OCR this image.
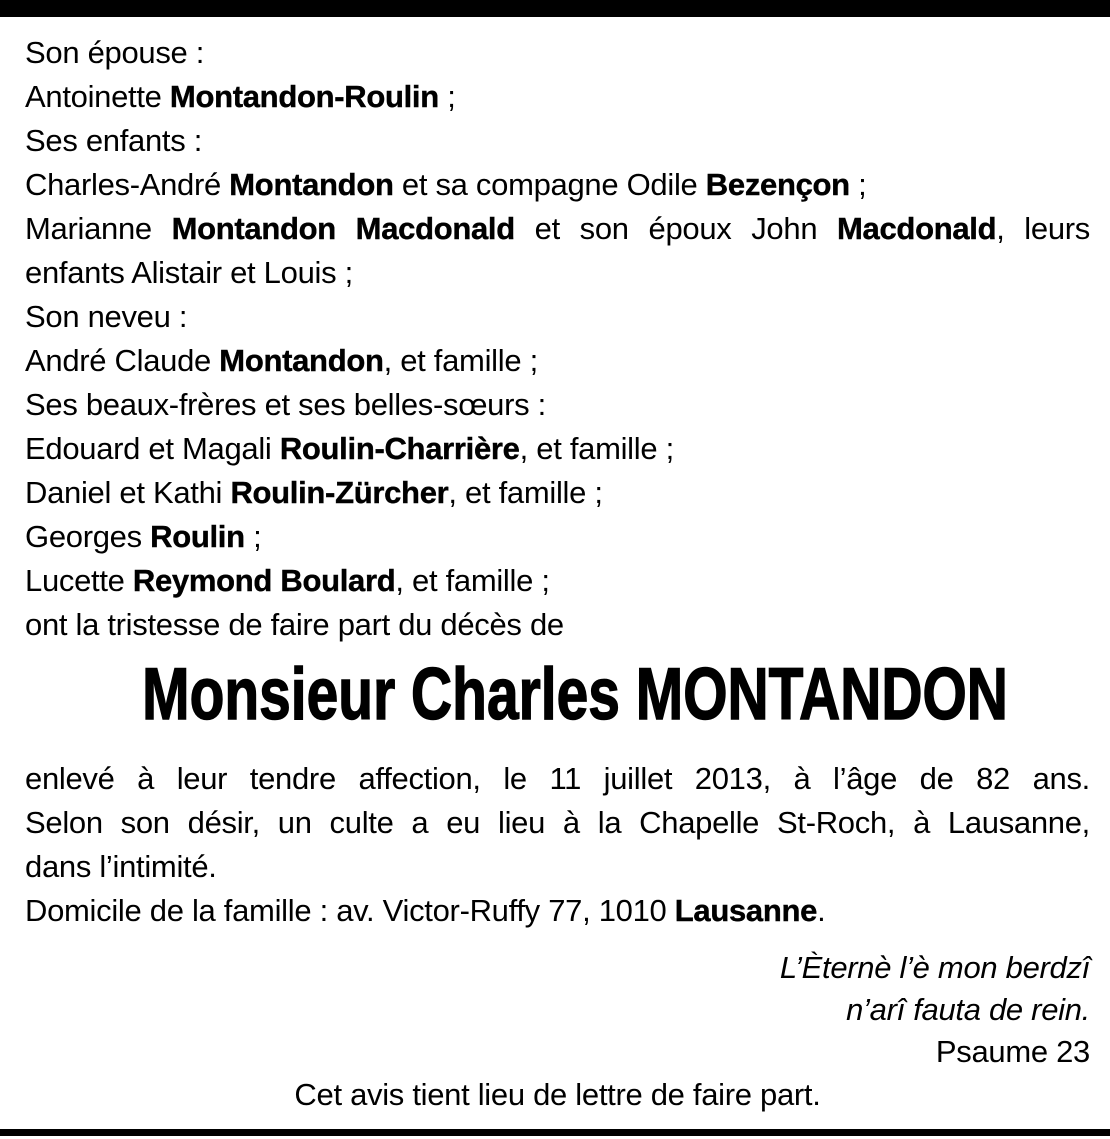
Son épouse :
Antoinette Montandon-Roulin ;
Ses enfants :
Charles-André Montandon et sa compagne Odile Bezençon ;
Marianne Montandon Macdonald et son époux John Macdonald, leurs
enfants Alistair et Louis ;
Son neveu :
André Claude Montandon, et famille ;
Ses beaux-frères et ses belles-sœurs :
Edouard et Magali Roulin-Charrière, et famille ;
Daniel et Kathi Roulin-Zürcher, et famille ;
Georges Roulin ;
Lucette Reymond Boulard, et famille ;
ont la tristesse de faire part du décès de
Monsieur Charles MONTANDON
enlevé à leur tendre affection, le 11 juillet 2013, à l’âge de 82 ans.
Selon son désir, un culte a eu lieu à la Chapelle St-Roch, à Lausanne,
dans l’intimité.
Domicile de la famille : av. Victor-Ruffy 77, 1010 Lausanne.
L’Èternè l’è mon berdzî
n’arî fauta de rein.
Psaume 23
Cet avis tient lieu de lettre de faire part.
